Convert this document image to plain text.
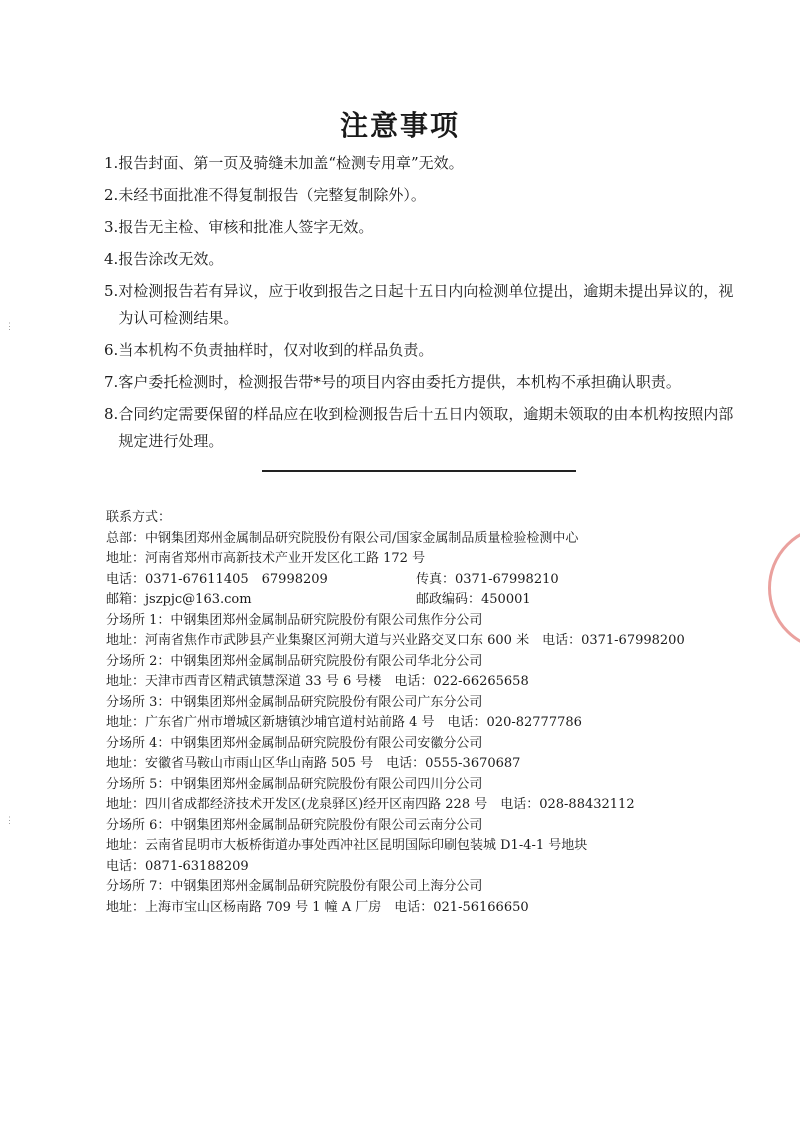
注意事项
1. 报告封面、第一页及骑缝未加盖“检测专用章”无效。
2. 未经书面批准不得复制报告（完整复制除外）。
3. 报告无主检、审核和批准人签字无效。
4. 报告涂改无效。
5. 对检测报告若有异议，应于收到报告之日起十五日内向检测单位提出，逾期未提出异议的，视为认可检测结果。
6. 当本机构不负责抽样时，仅对收到的样品负责。
7. 客户委托检测时，检测报告带*号的项目内容由委托方提供，本机构不承担确认职责。
8. 合同约定需要保留的样品应在收到检测报告后十五日内领取，逾期未领取的由本机构按照内部规定进行处理。
联系方式：
总部：中钢集团郑州金属制品研究院股份有限公司/国家金属制品质量检验检测中心
地址：河南省郑州市高新技术产业开发区化工路 172 号
电话：0371-67611405　67998209	传真：0371-67998210
邮箱：jszpjc@163.com	邮政编码：450001
分场所 1：中钢集团郑州金属制品研究院股份有限公司焦作分公司
地址：河南省焦作市武陟县产业集聚区河朔大道与兴业路交叉口东 600 米　电话：0371-67998200
分场所 2：中钢集团郑州金属制品研究院股份有限公司华北分公司
地址：天津市西青区精武镇慧深道 33 号 6 号楼　电话：022-66265658
分场所 3：中钢集团郑州金属制品研究院股份有限公司广东分公司
地址：广东省广州市增城区新塘镇沙埔官道村站前路 4 号　电话：020-82777786
分场所 4：中钢集团郑州金属制品研究院股份有限公司安徽分公司
地址：安徽省马鞍山市雨山区华山南路 505 号　电话：0555-3670687
分场所 5：中钢集团郑州金属制品研究院股份有限公司四川分公司
地址：四川省成都经济技术开发区(龙泉驿区)经开区南四路 228 号　电话：028-88432112
分场所 6：中钢集团郑州金属制品研究院股份有限公司云南分公司
地址：云南省昆明市大板桥街道办事处西冲社区昆明国际印刷包装城 D1-4-1 号地块
电话：0871-63188209
分场所 7：中钢集团郑州金属制品研究院股份有限公司上海分公司
地址：上海市宝山区杨南路 709 号 1 幢 A 厂房　电话：021-56166650
⋮
⋮
